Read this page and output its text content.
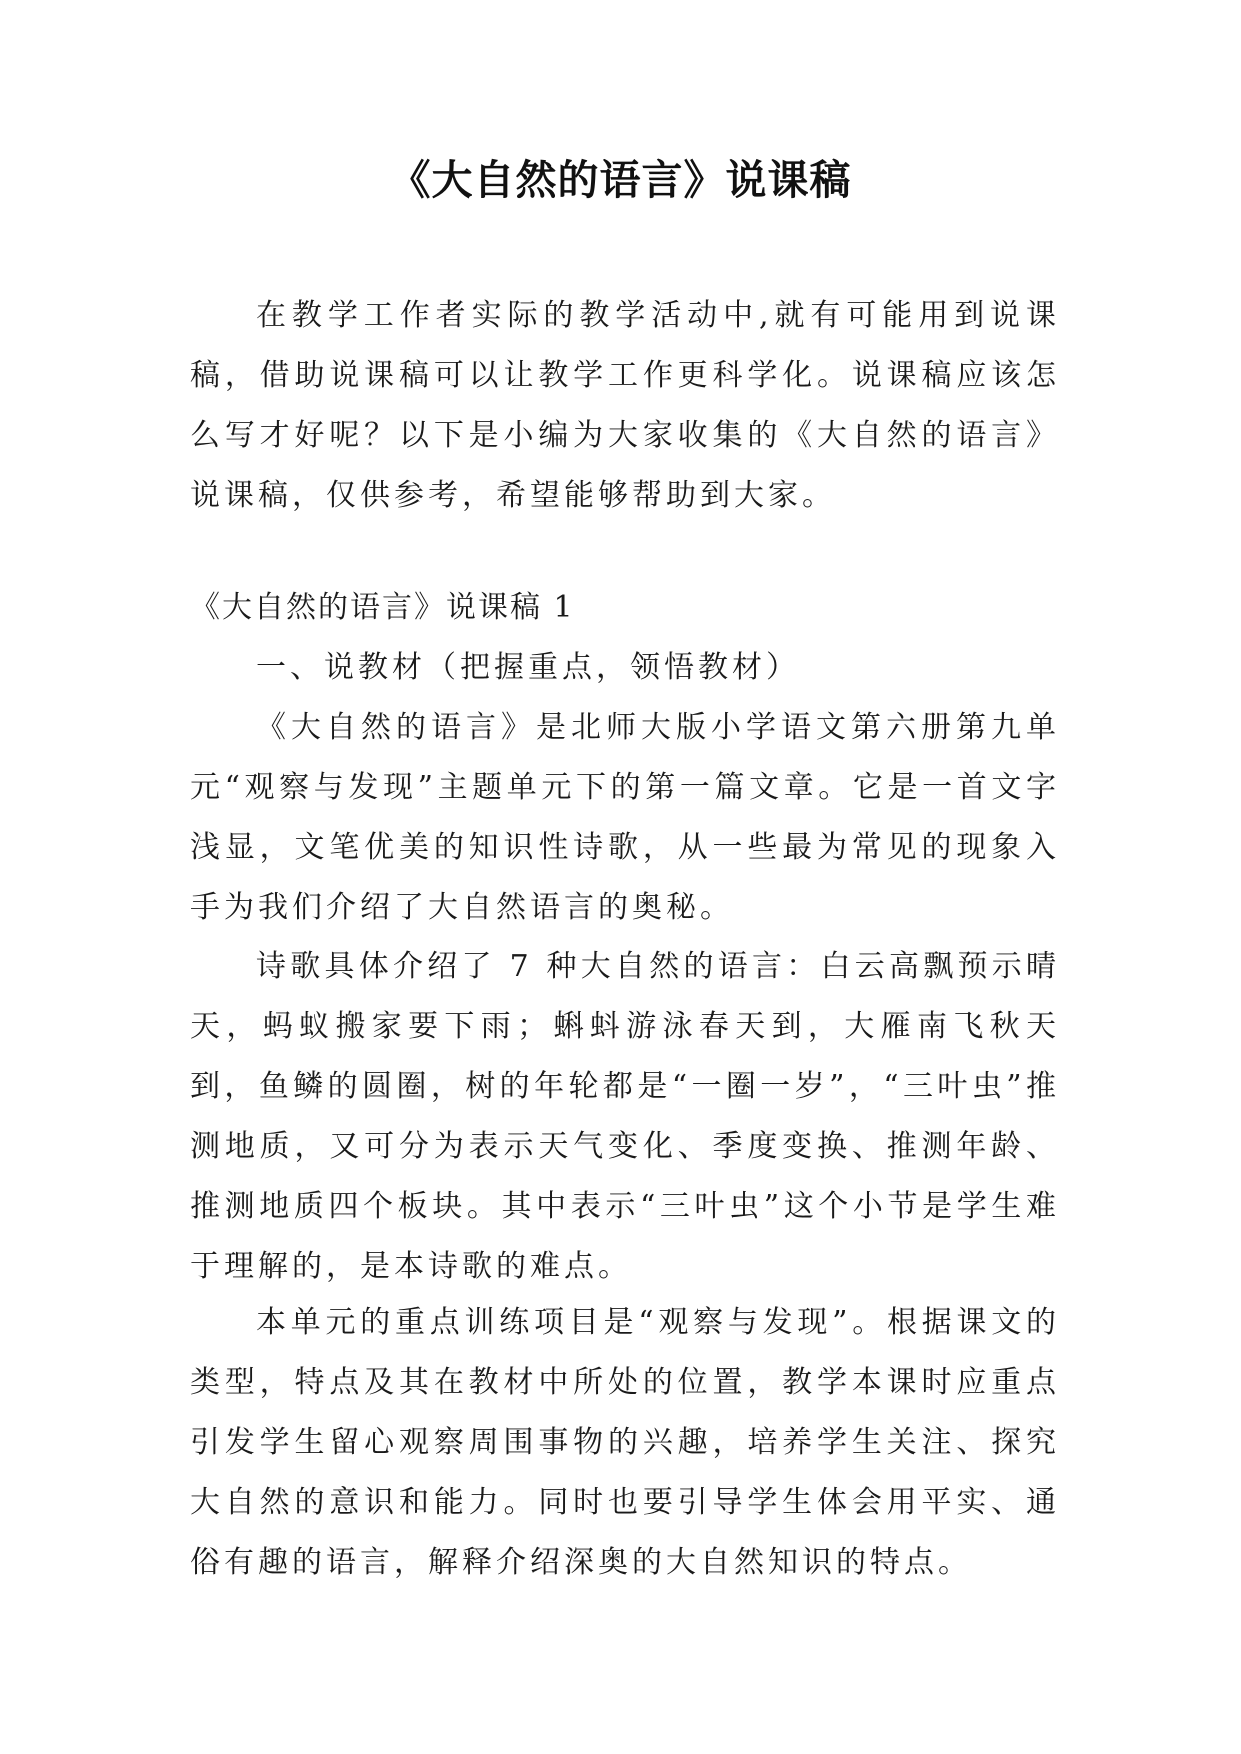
《大自然的语言》说课稿

在教学工作者实际的教学活动中,就有可能用到说课稿，借助说课稿可以让教学工作更科学化。说课稿应该怎么写才好呢？以下是小编为大家收集的《大自然的语言》说课稿，仅供参考，希望能够帮助到大家。

《大自然的语言》说课稿 1

一、说教材（把握重点，领悟教材）

《大自然的语言》是北师大版小学语文第六册第九单元“观察与发现”主题单元下的第一篇文章。它是一首文字浅显，文笔优美的知识性诗歌，从一些最为常见的现象入手为我们介绍了大自然语言的奥秘。

诗歌具体介绍了 7 种大自然的语言：白云高飘预示晴天，蚂蚁搬家要下雨；蝌蚪游泳春天到，大雁南飞秋天到，鱼鳞的圆圈，树的年轮都是“一圈一岁”，“三叶虫”推测地质，又可分为表示天气变化、季度变换、推测年龄、推测地质四个板块。其中表示“三叶虫”这个小节是学生难于理解的，是本诗歌的难点。

本单元的重点训练项目是“观察与发现”。根据课文的类型，特点及其在教材中所处的位置，教学本课时应重点引发学生留心观察周围事物的兴趣，培养学生关注、探究大自然的意识和能力。同时也要引导学生体会用平实、通俗有趣的语言，解释介绍深奥的大自然知识的特点。
